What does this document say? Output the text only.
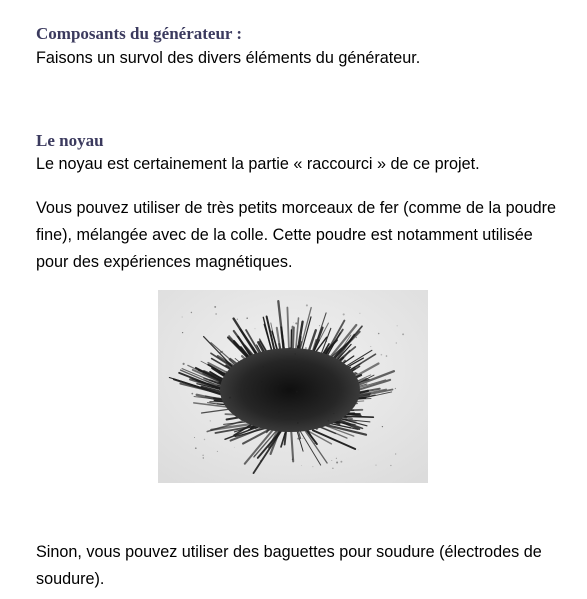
Composants du générateur :

Faisons un survol des divers éléments du générateur.

Le noyau

Le noyau est certainement la partie « raccourci » de ce projet.

Vous pouvez utiliser de très petits morceaux de fer (comme de la poudre fine), mélangée avec de la colle. Cette poudre est notamment utilisée pour des expériences magnétiques.

Sinon, vous pouvez utiliser des baguettes pour soudure (électrodes de soudure).
